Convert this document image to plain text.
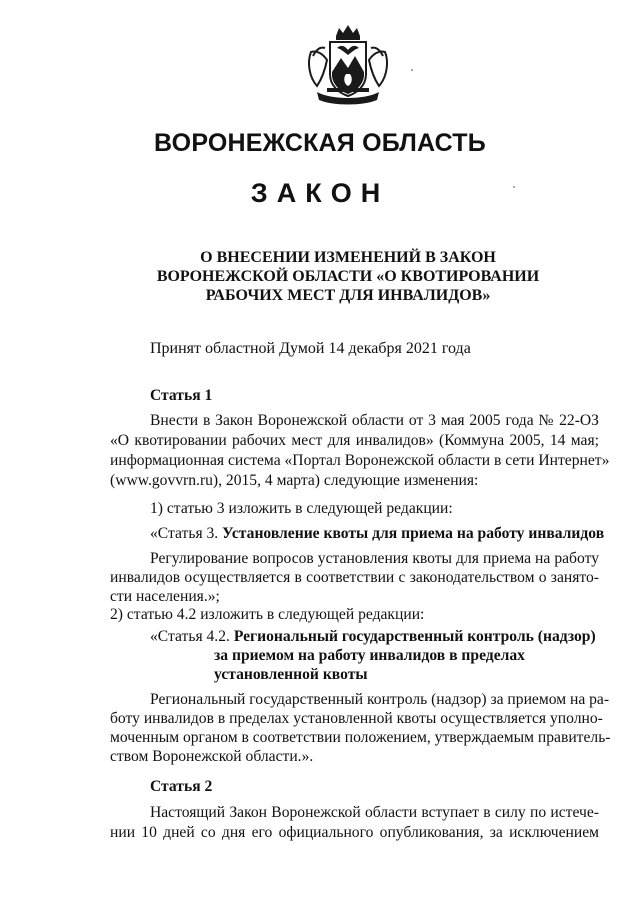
ВОРОНЕЖСКАЯ ОБЛАСТЬ
ЗАКОН
О ВНЕСЕНИИ ИЗМЕНЕНИЙ В ЗАКОН
ВОРОНЕЖСКОЙ ОБЛАСТИ «О КВОТИРОВАНИИ
РАБОЧИХ МЕСТ ДЛЯ ИНВАЛИДОВ»
Принят областной Думой 14 декабря 2021 года
Статья 1
Внести в Закон Воронежской области от 3 мая 2005 года № 22-ОЗ
«О квотировании рабочих мест для инвалидов» (Коммуна 2005, 14 мая;
информационная система «Портал Воронежской области в сети Интернет»
(www.govvrn.ru), 2015, 4 марта) следующие изменения:
1) статью 3 изложить в следующей редакции:
«Статья 3. Установление квоты для приема на работу инвалидов
Регулирование вопросов установления квоты для приема на работу
инвалидов осуществляется в соответствии с законодательством о занято-
сти населения.»;
2) статью 4.2 изложить в следующей редакции:
«Статья 4.2. Региональный государственный контроль (надзор)
за приемом на работу инвалидов в пределах
установленной квоты
Региональный государственный контроль (надзор) за приемом на ра-
боту инвалидов в пределах установленной квоты осуществляется уполно-
моченным органом в соответствии положением, утверждаемым правитель-
ством Воронежской области.».
Статья 2
Настоящий Закон Воронежской области вступает в силу по истече-
нии 10 дней со дня его официального опубликования, за исключением
